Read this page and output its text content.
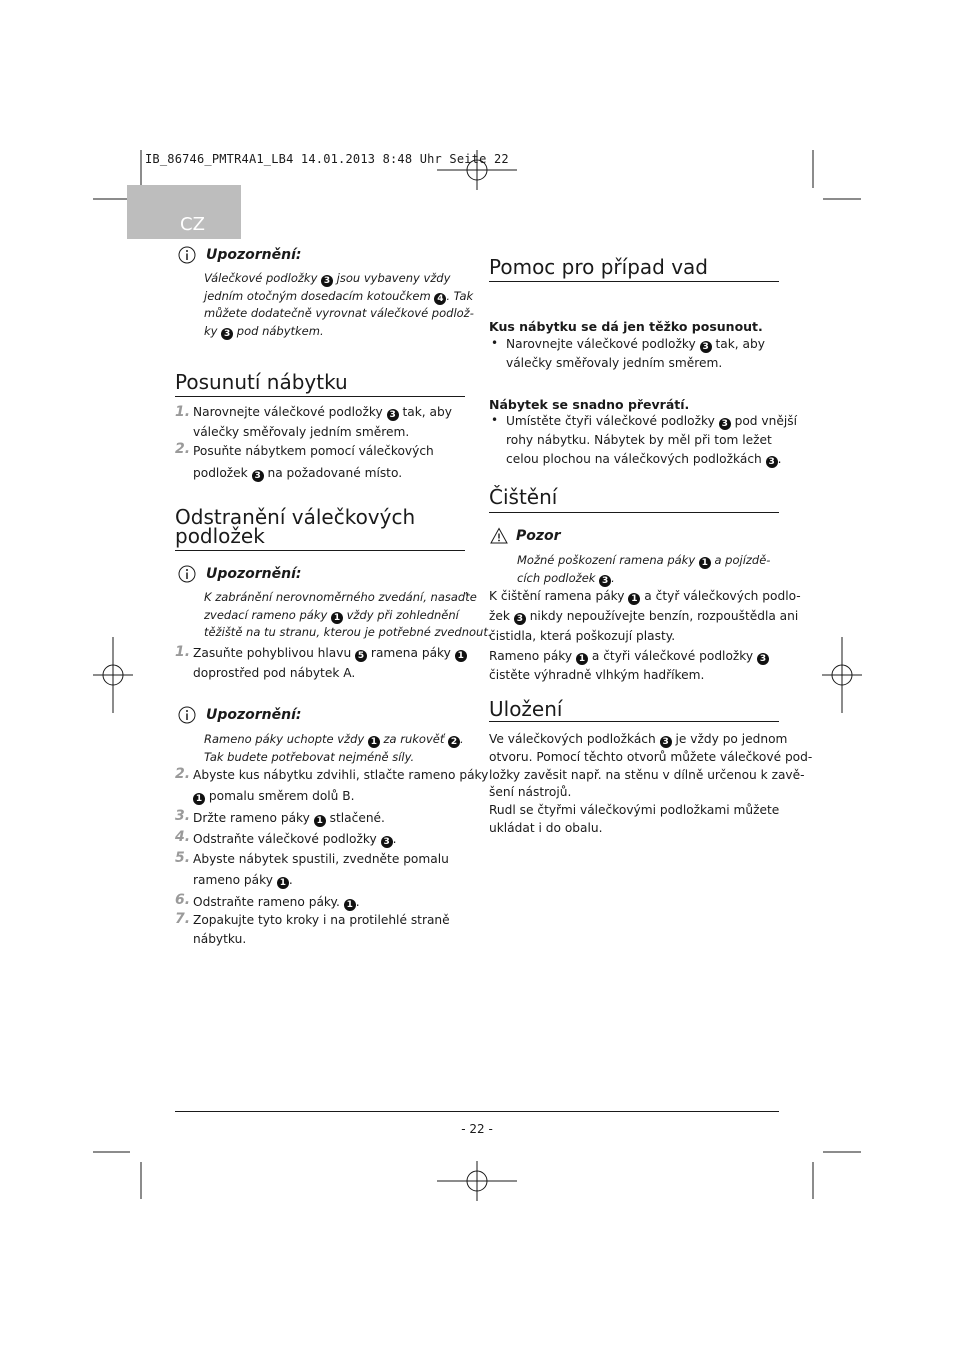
IB_86746_PMTR4A1_LB4 14.01.2013 8:48 Uhr Seite 22
CZ
Upozornění:
Válečkové podložky 3 jsou vybaveny vždy
jedním otočným dosedacím kotoučkem 4 . Tak
můžete dodatečně vyrovnat válečkové podlož-
ky 3 pod nábytkem.
Posunutí nábytku
1. Narovnejte válečkové podložky 3 tak, aby
válečky směřovaly jedním směrem.
2. Posuňte nábytkem pomocí válečkových
podložek 3 na požadované místo.
Odstranění válečkových
podložek
Upozornění:
K zabránění nerovnoměrného zvedání, nasaďte
zvedací rameno páky 1 vždy při zohlednění
těžiště na tu stranu, kterou je potřebné zvednout.
1. Zasuňte pohyblivou hlavu 5 ramena páky 1
doprostřed pod nábytek A.
Upozornění:
Rameno páky uchopte vždy 1 za rukověť 2 .
Tak budete potřebovat nejméně síly.
2. Abyste kus nábytku zdvihli, stlačte rameno páky
1 pomalu směrem dolů B.
3. Držte rameno páky 1 stlačené.
4. Odstraňte válečkové podložky 3 .
5. Abyste nábytek spustili, zvedněte pomalu
rameno páky 1 .
6. Odstraňte rameno páky. 1 .
7. Zopakujte tyto kroky i na protilehlé straně
nábytku.
Pomoc pro případ vad
Kus nábytku se dá jen těžko posunout.
• Narovnejte válečkové podložky 3 tak, aby
válečky směřovaly jedním směrem.
Nábytek se snadno převrátí.
• Umístěte čtyři válečkové podložky 3 pod vnější
rohy nábytku. Nábytek by měl při tom ležet
celou plochou na válečkových podložkách 3 .
Čištění
Pozor
Možné poškození ramena páky 1 a pojízdě-
cích podložek 3 .
K čištění ramena páky 1 a čtyř válečkových podlo-
žek 3 nikdy nepoužívejte benzín, rozpouštědla ani
čistidla, která poškozují plasty.
Rameno páky 1 a čtyři válečkové podložky 3
čistěte výhradně vlhkým hadříkem.
Uložení
Ve válečkových podložkách 3 je vždy po jednom
otvoru. Pomocí těchto otvorů můžete válečkové pod-
ložky zavěsit např. na stěnu v dílně určenou k zavě-
šení nástrojů.
Rudl se čtyřmi válečkovými podložkami můžete
ukládat i do obalu.
- 22 -
